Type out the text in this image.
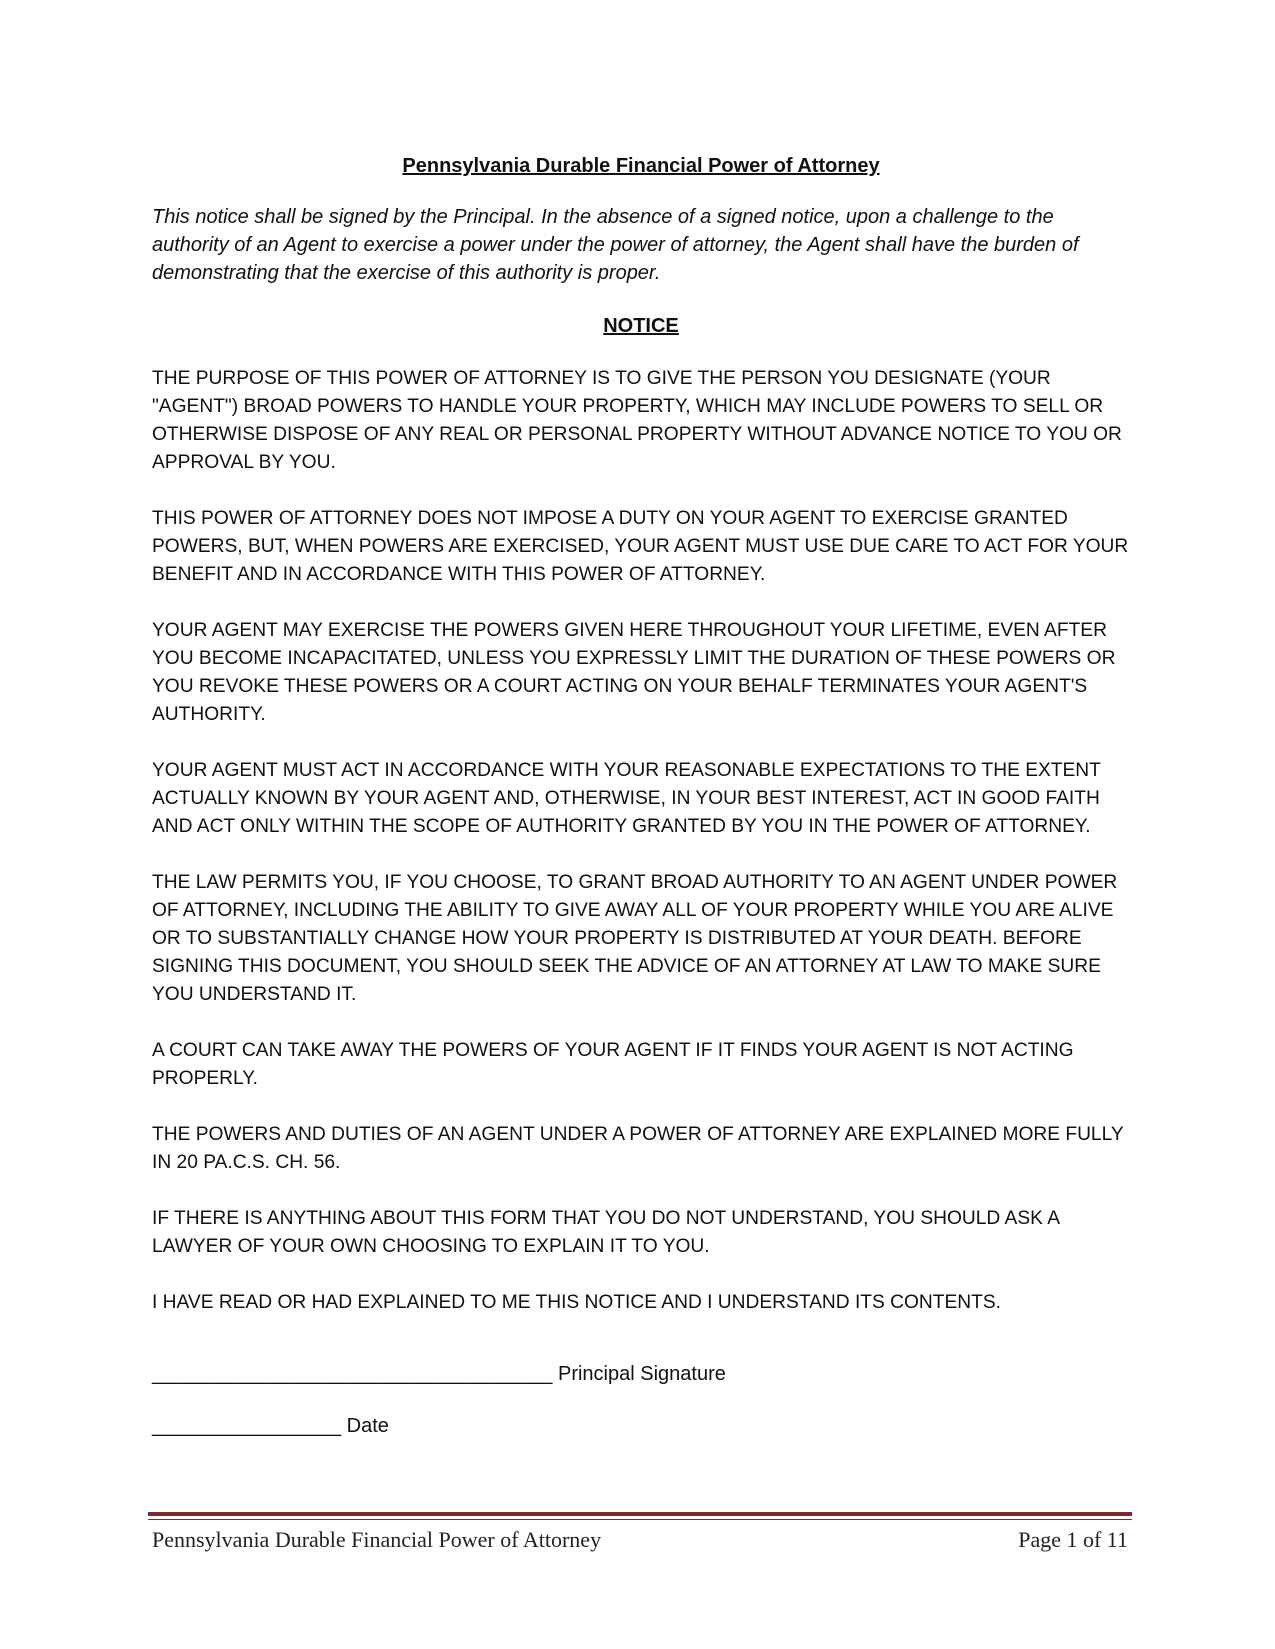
Pennsylvania Durable Financial Power of Attorney

This notice shall be signed by the Principal. In the absence of a signed notice, upon a challenge to the authority of an Agent to exercise a power under the power of attorney, the Agent shall have the burden of demonstrating that the exercise of this authority is proper.

NOTICE

THE PURPOSE OF THIS POWER OF ATTORNEY IS TO GIVE THE PERSON YOU DESIGNATE (YOUR "AGENT") BROAD POWERS TO HANDLE YOUR PROPERTY, WHICH MAY INCLUDE POWERS TO SELL OR OTHERWISE DISPOSE OF ANY REAL OR PERSONAL PROPERTY WITHOUT ADVANCE NOTICE TO YOU OR APPROVAL BY YOU.

THIS POWER OF ATTORNEY DOES NOT IMPOSE A DUTY ON YOUR AGENT TO EXERCISE GRANTED POWERS, BUT, WHEN POWERS ARE EXERCISED, YOUR AGENT MUST USE DUE CARE TO ACT FOR YOUR BENEFIT AND IN ACCORDANCE WITH THIS POWER OF ATTORNEY.

YOUR AGENT MAY EXERCISE THE POWERS GIVEN HERE THROUGHOUT YOUR LIFETIME, EVEN AFTER YOU BECOME INCAPACITATED, UNLESS YOU EXPRESSLY LIMIT THE DURATION OF THESE POWERS OR YOU REVOKE THESE POWERS OR A COURT ACTING ON YOUR BEHALF TERMINATES YOUR AGENT'S AUTHORITY.

YOUR AGENT MUST ACT IN ACCORDANCE WITH YOUR REASONABLE EXPECTATIONS TO THE EXTENT ACTUALLY KNOWN BY YOUR AGENT AND, OTHERWISE, IN YOUR BEST INTEREST, ACT IN GOOD FAITH AND ACT ONLY WITHIN THE SCOPE OF AUTHORITY GRANTED BY YOU IN THE POWER OF ATTORNEY.

THE LAW PERMITS YOU, IF YOU CHOOSE, TO GRANT BROAD AUTHORITY TO AN AGENT UNDER POWER OF ATTORNEY, INCLUDING THE ABILITY TO GIVE AWAY ALL OF YOUR PROPERTY WHILE YOU ARE ALIVE OR TO SUBSTANTIALLY CHANGE HOW YOUR PROPERTY IS DISTRIBUTED AT YOUR DEATH. BEFORE SIGNING THIS DOCUMENT, YOU SHOULD SEEK THE ADVICE OF AN ATTORNEY AT LAW TO MAKE SURE YOU UNDERSTAND IT.

A COURT CAN TAKE AWAY THE POWERS OF YOUR AGENT IF IT FINDS YOUR AGENT IS NOT ACTING PROPERLY.

THE POWERS AND DUTIES OF AN AGENT UNDER A POWER OF ATTORNEY ARE EXPLAINED MORE FULLY IN 20 PA.C.S. CH. 56.

IF THERE IS ANYTHING ABOUT THIS FORM THAT YOU DO NOT UNDERSTAND, YOU SHOULD ASK A LAWYER OF YOUR OWN CHOOSING TO EXPLAIN IT TO YOU.

I HAVE READ OR HAD EXPLAINED TO ME THIS NOTICE AND I UNDERSTAND ITS CONTENTS.

____________________________________ Principal Signature
_________________ Date
Pennsylvania Durable Financial Power of Attorney	Page 1 of 11
